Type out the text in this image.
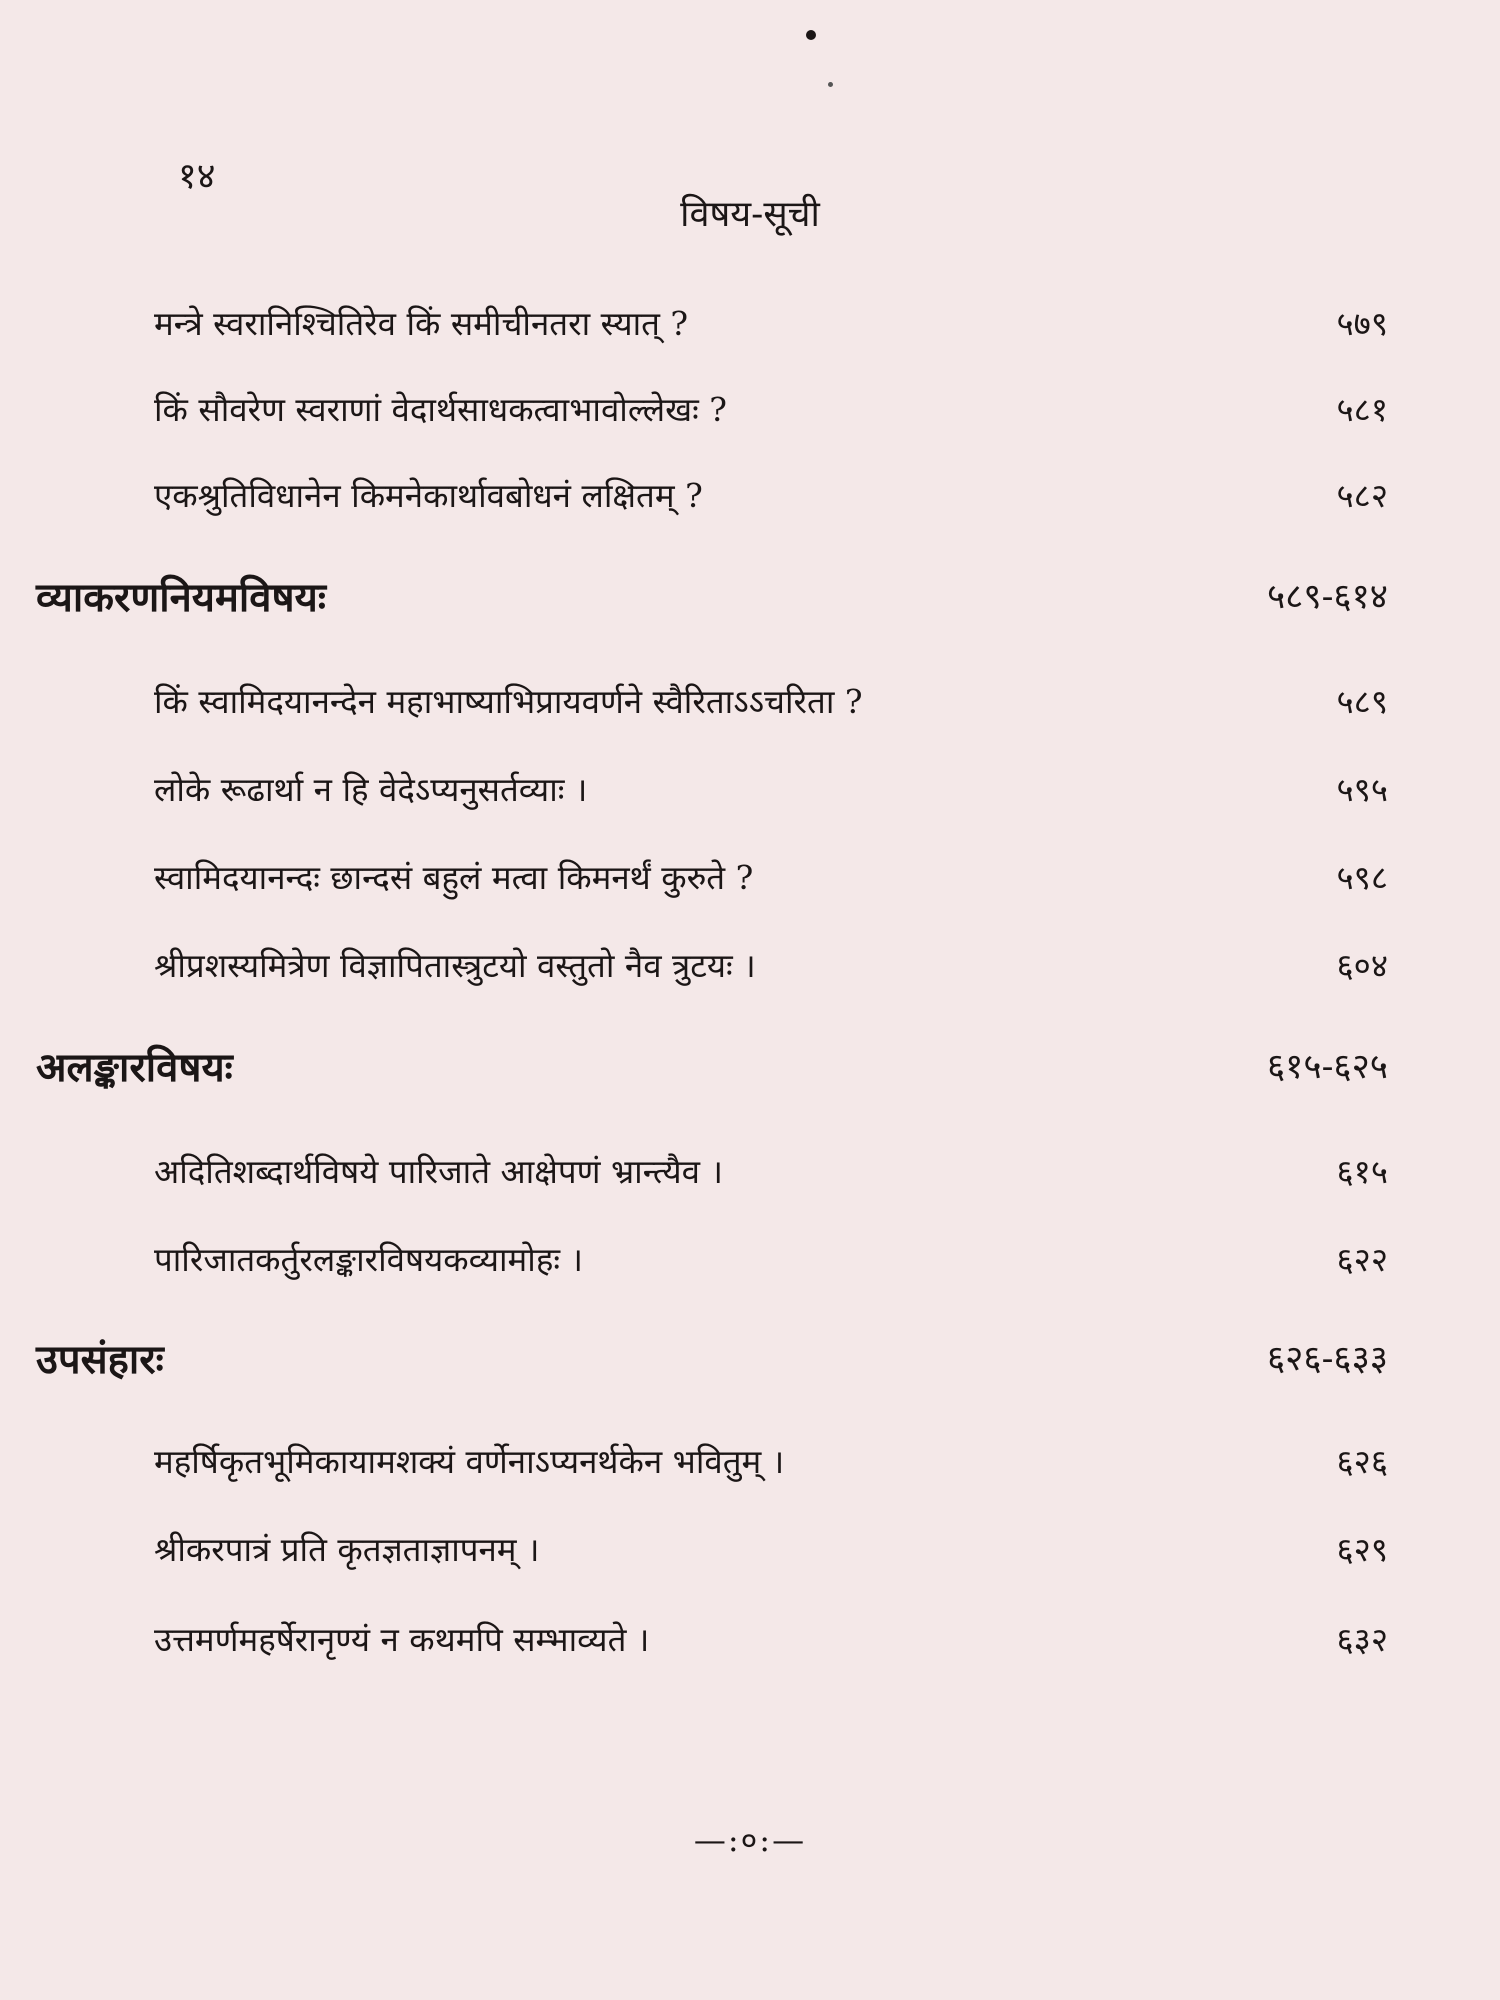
१४
विषय-सूची
मन्त्रे स्वरानिश्चितिरेव किं समीचीनतरा स्यात् ?	५७९
किं सौवरेण स्वराणां वेदार्थसाधकत्वाभावोल्लेखः ?	५८१
एकश्रुतिविधानेन किमनेकार्थावबोधनं लक्षितम् ?	५८२
व्याकरणनियमविषयः	५८९-६१४
किं स्वामिदयानन्देन महाभाष्याभिप्रायवर्णने स्वैरिताऽऽचरिता ?	५८९
लोके रूढार्था न हि वेदेऽप्यनुसर्तव्याः ।	५९५
स्वामिदयानन्दः छान्दसं बहुलं मत्वा किमनर्थं कुरुते ?	५९८
श्रीप्रशस्यमित्रेण विज्ञापितास्त्रुटयो वस्तुतो नैव त्रुटयः ।	६०४
अलङ्कारविषयः	६१५-६२५
अदितिशब्दार्थविषये पारिजाते आक्षेपणं भ्रान्त्यैव ।	६१५
पारिजातकर्तुरलङ्कारविषयकव्यामोहः ।	६२२
उपसंहारः	६२६-६३३
महर्षिकृतभूमिकायामशक्यं वर्णेनाऽप्यनर्थकेन भवितुम् ।	६२६
श्रीकरपात्रं प्रति कृतज्ञताज्ञापनम् ।	६२९
उत्तमर्णमहर्षेरानृण्यं न कथमपि सम्भाव्यते ।	६३२
—:०:—
